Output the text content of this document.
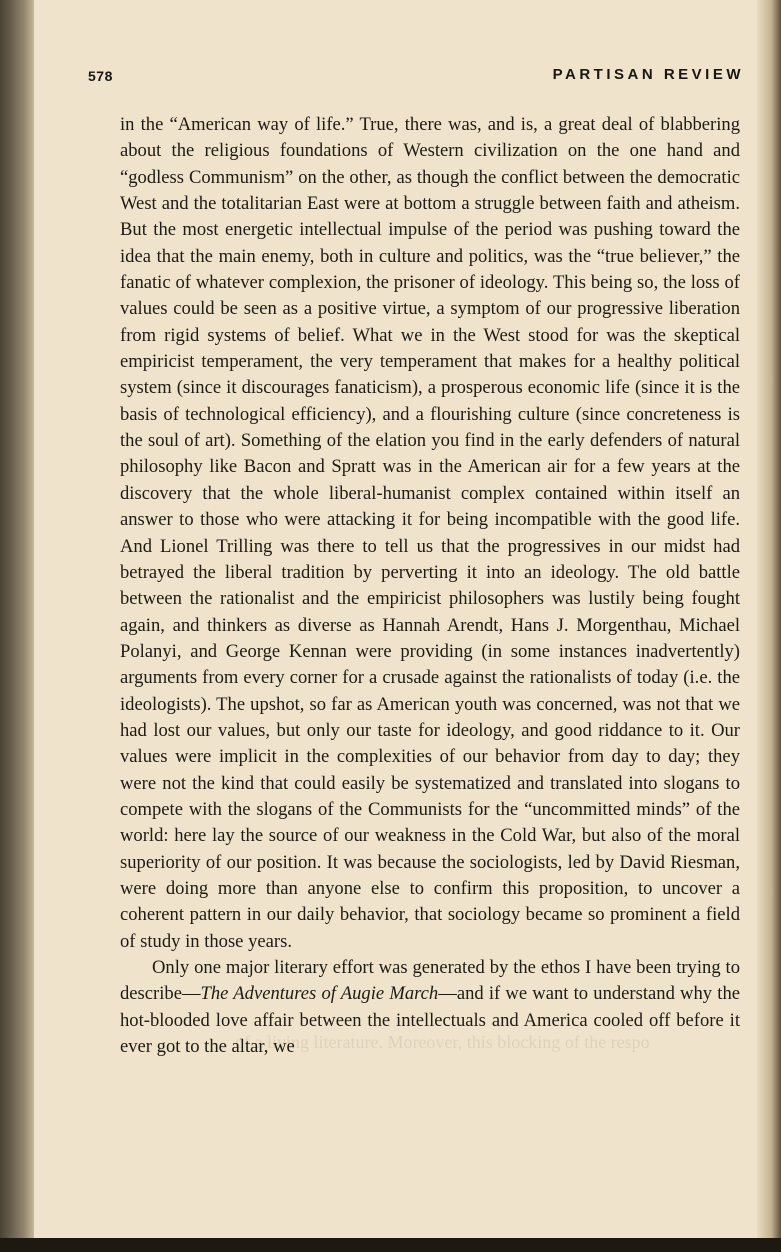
578	PARTISAN REVIEW
of a living literature. Moreover, this blocking of the respo

in the “American way of life.” True, there was, and is, a great deal of blabbering about the religious foundations of Western civilization on the one hand and “godless Communism” on the other, as though the conflict between the democratic West and the totalitarian East were at bottom a struggle between faith and atheism. But the most energetic intellectual impulse of the period was pushing toward the idea that the main enemy, both in culture and politics, was the “true believer,” the fanatic of whatever complexion, the prisoner of ideology. This being so, the loss of values could be seen as a positive virtue, a symptom of our progressive liberation from rigid systems of belief. What we in the West stood for was the skeptical empiricist temperament, the very temperament that makes for a healthy political system (since it discourages fanaticism), a prosperous economic life (since it is the basis of technological efficiency), and a flourishing culture (since concreteness is the soul of art). Something of the elation you find in the early defenders of natural philosophy like Bacon and Spratt was in the American air for a few years at the discovery that the whole liberal-humanist complex contained within itself an answer to those who were attacking it for being incompatible with the good life. And Lionel Trilling was there to tell us that the progressives in our midst had betrayed the liberal tradition by perverting it into an ideology. The old battle between the rationalist and the empiricist philosophers was lustily being fought again, and thinkers as diverse as Hannah Arendt, Hans J. Morgenthau, Michael Polanyi, and George Kennan were providing (in some instances inadvertently) arguments from every corner for a crusade against the rationalists of today (i.e. the ideologists). The upshot, so far as American youth was concerned, was not that we had lost our values, but only our taste for ideology, and good riddance to it. Our values were implicit in the complexities of our behavior from day to day; they were not the kind that could easily be systematized and translated into slogans to compete with the slogans of the Communists for the “uncommitted minds” of the world: here lay the source of our weakness in the Cold War, but also of the moral superiority of our position. It was because the sociologists, led by David Riesman, were doing more than anyone else to confirm this proposition, to uncover a coherent pattern in our daily behavior, that sociology became so prominent a field of study in those years.

Only one major literary effort was generated by the ethos I have been trying to describe—The Adventures of Augie March—and if we want to understand why the hot-blooded love affair between the intellectuals and America cooled off before it ever got to the altar, we
